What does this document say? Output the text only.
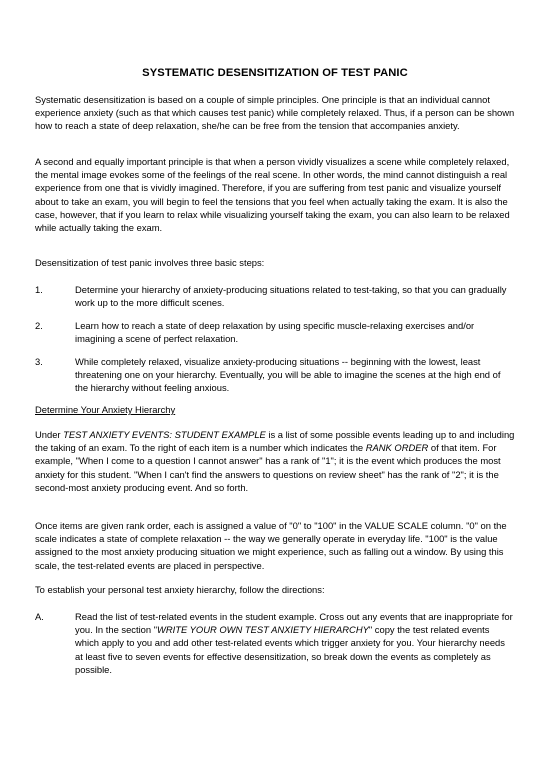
SYSTEMATIC DESENSITIZATION OF TEST PANIC
Systematic desensitization is based on a couple of simple principles. One principle is that an individual cannot experience anxiety (such as that which causes test panic) while completely relaxed. Thus, if a person can be shown how to reach a state of deep relaxation, she/he can be free from the tension that accompanies anxiety.
A second and equally important principle is that when a person vividly visualizes a scene while completely relaxed, the mental image evokes some of the feelings of the real scene. In other words, the mind cannot distinguish a real experience from one that is vividly imagined. Therefore, if you are suffering from test panic and visualize yourself about to take an exam, you will begin to feel the tensions that you feel when actually taking the exam. It is also the case, however, that if you learn to relax while visualizing yourself taking the exam, you can also learn to be relaxed while actually taking the exam.
Desensitization of test panic involves three basic steps:
1.	Determine your hierarchy of anxiety-producing situations related to test-taking, so that you can gradually work up to the more difficult scenes.
2.	Learn how to reach a state of deep relaxation by using specific muscle-relaxing exercises and/or imagining a scene of perfect relaxation.
3.	While completely relaxed, visualize anxiety-producing situations -- beginning with the lowest, least threatening one on your hierarchy. Eventually, you will be able to imagine the scenes at the high end of the hierarchy without feeling anxious.
Determine Your Anxiety Hierarchy
Under TEST ANXIETY EVENTS: STUDENT EXAMPLE is a list of some possible events leading up to and including the taking of an exam. To the right of each item is a number which indicates the RANK ORDER of that item. For example, "When I come to a question I cannot answer" has a rank of "1"; it is the event which produces the most anxiety for this student. "When I can't find the answers to questions on review sheet" has the rank of "2"; it is the second-most anxiety producing event. And so forth.
Once items are given rank order, each is assigned a value of "0" to "100" in the VALUE SCALE column. "0" on the scale indicates a state of complete relaxation -- the way we generally operate in everyday life. "100" is the value assigned to the most anxiety producing situation we might experience, such as falling out a window. By using this scale, the test-related events are placed in perspective.
To establish your personal test anxiety hierarchy, follow the directions:
A.	Read the list of test-related events in the student example. Cross out any events that are inappropriate for you. In the section "WRITE YOUR OWN TEST ANXIETY HIERARCHY" copy the test related events which apply to you and add other test-related events which trigger anxiety for you. Your hierarchy needs at least five to seven events for effective desensitization, so break down the events as completely as possible.
